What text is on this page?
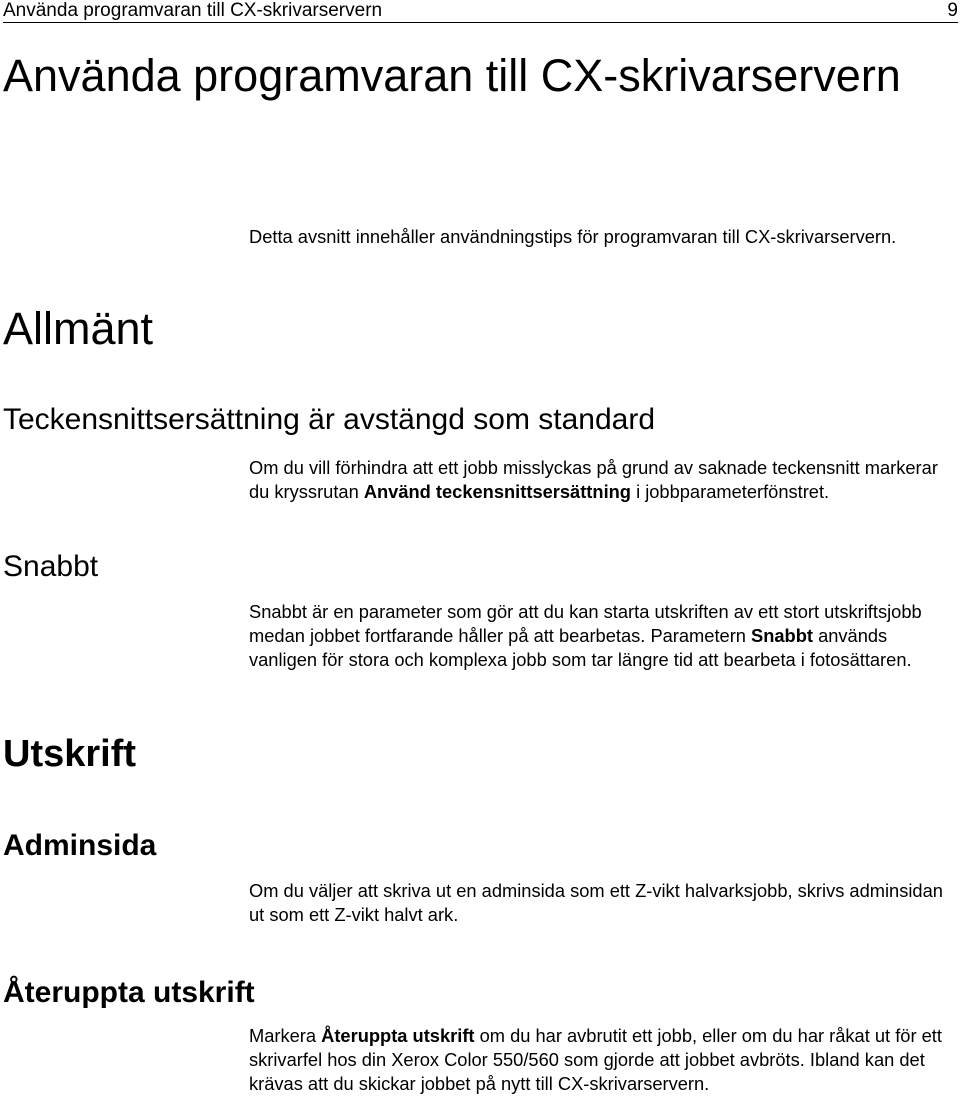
Använda programvaran till CX-skrivarservern	9
Använda programvaran till CX-skrivarservern

Detta avsnitt innehåller användningstips för programvaran till CX-skrivarservern.

Allmänt
Teckensnittsersättning är avstängd som standard

Om du vill förhindra att ett jobb misslyckas på grund av saknade teckensnitt markerar du kryssrutan Använd teckensnittsersättning i jobbparameterfönstret.

Snabbt

Snabbt är en parameter som gör att du kan starta utskriften av ett stort utskriftsjobb medan jobbet fortfarande håller på att bearbetas. Parametern Snabbt används vanligen för stora och komplexa jobb som tar längre tid att bearbeta i fotosättaren.

Utskrift
Adminsida

Om du väljer att skriva ut en adminsida som ett Z-vikt halvarksjobb, skrivs adminsidan ut som ett Z-vikt halvt ark.

Återuppta utskrift

Markera Återuppta utskrift om du har avbrutit ett jobb, eller om du har råkat ut för ett skrivarfel hos din Xerox Color 550/560 som gjorde att jobbet avbröts. Ibland kan det krävas att du skickar jobbet på nytt till CX-skrivarservern.
